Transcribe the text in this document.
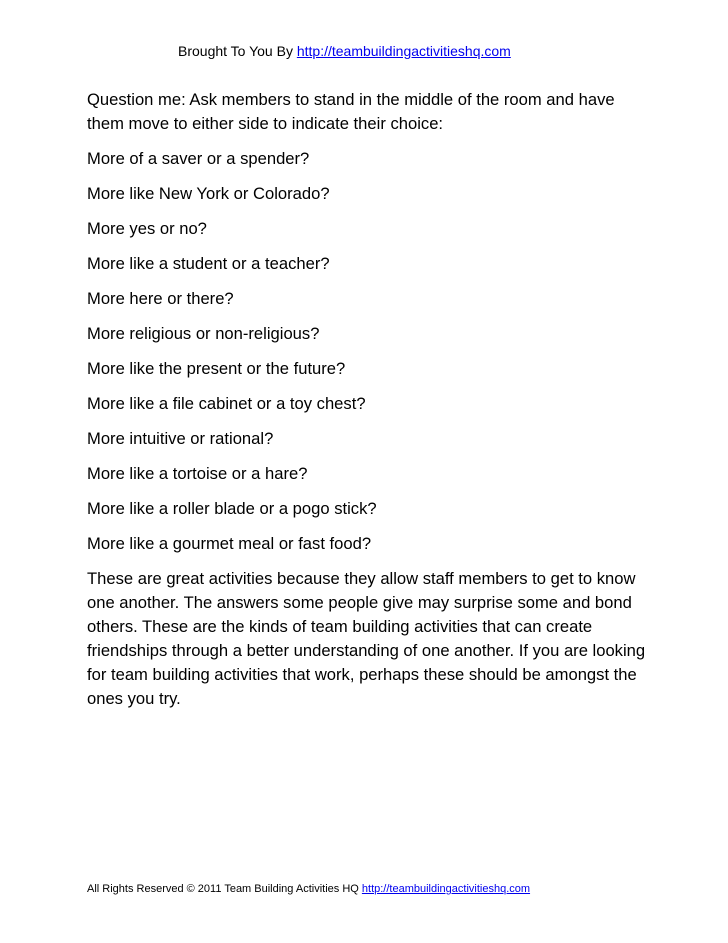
Brought To You By http://teambuildingactivitieshq.com

Question me: Ask members to stand in the middle of the room and have them move to either side to indicate their choice:

More of a saver or a spender?

More like New York or Colorado?

More yes or no?

More like a student or a teacher?

More here or there?

More religious or non-religious?

More like the present or the future?

More like a file cabinet or a toy chest?

More intuitive or rational?

More like a tortoise or a hare?

More like a roller blade or a pogo stick?

More like a gourmet meal or fast food?

These are great activities because they allow staff members to get to know one another. The answers some people give may surprise some and bond others. These are the kinds of team building activities that can create friendships through a better understanding of one another. If you are looking for team building activities that work, perhaps these should be amongst the ones you try.

All Rights Reserved © 2011 Team Building Activities HQ http://teambuildingactivitieshq.com
